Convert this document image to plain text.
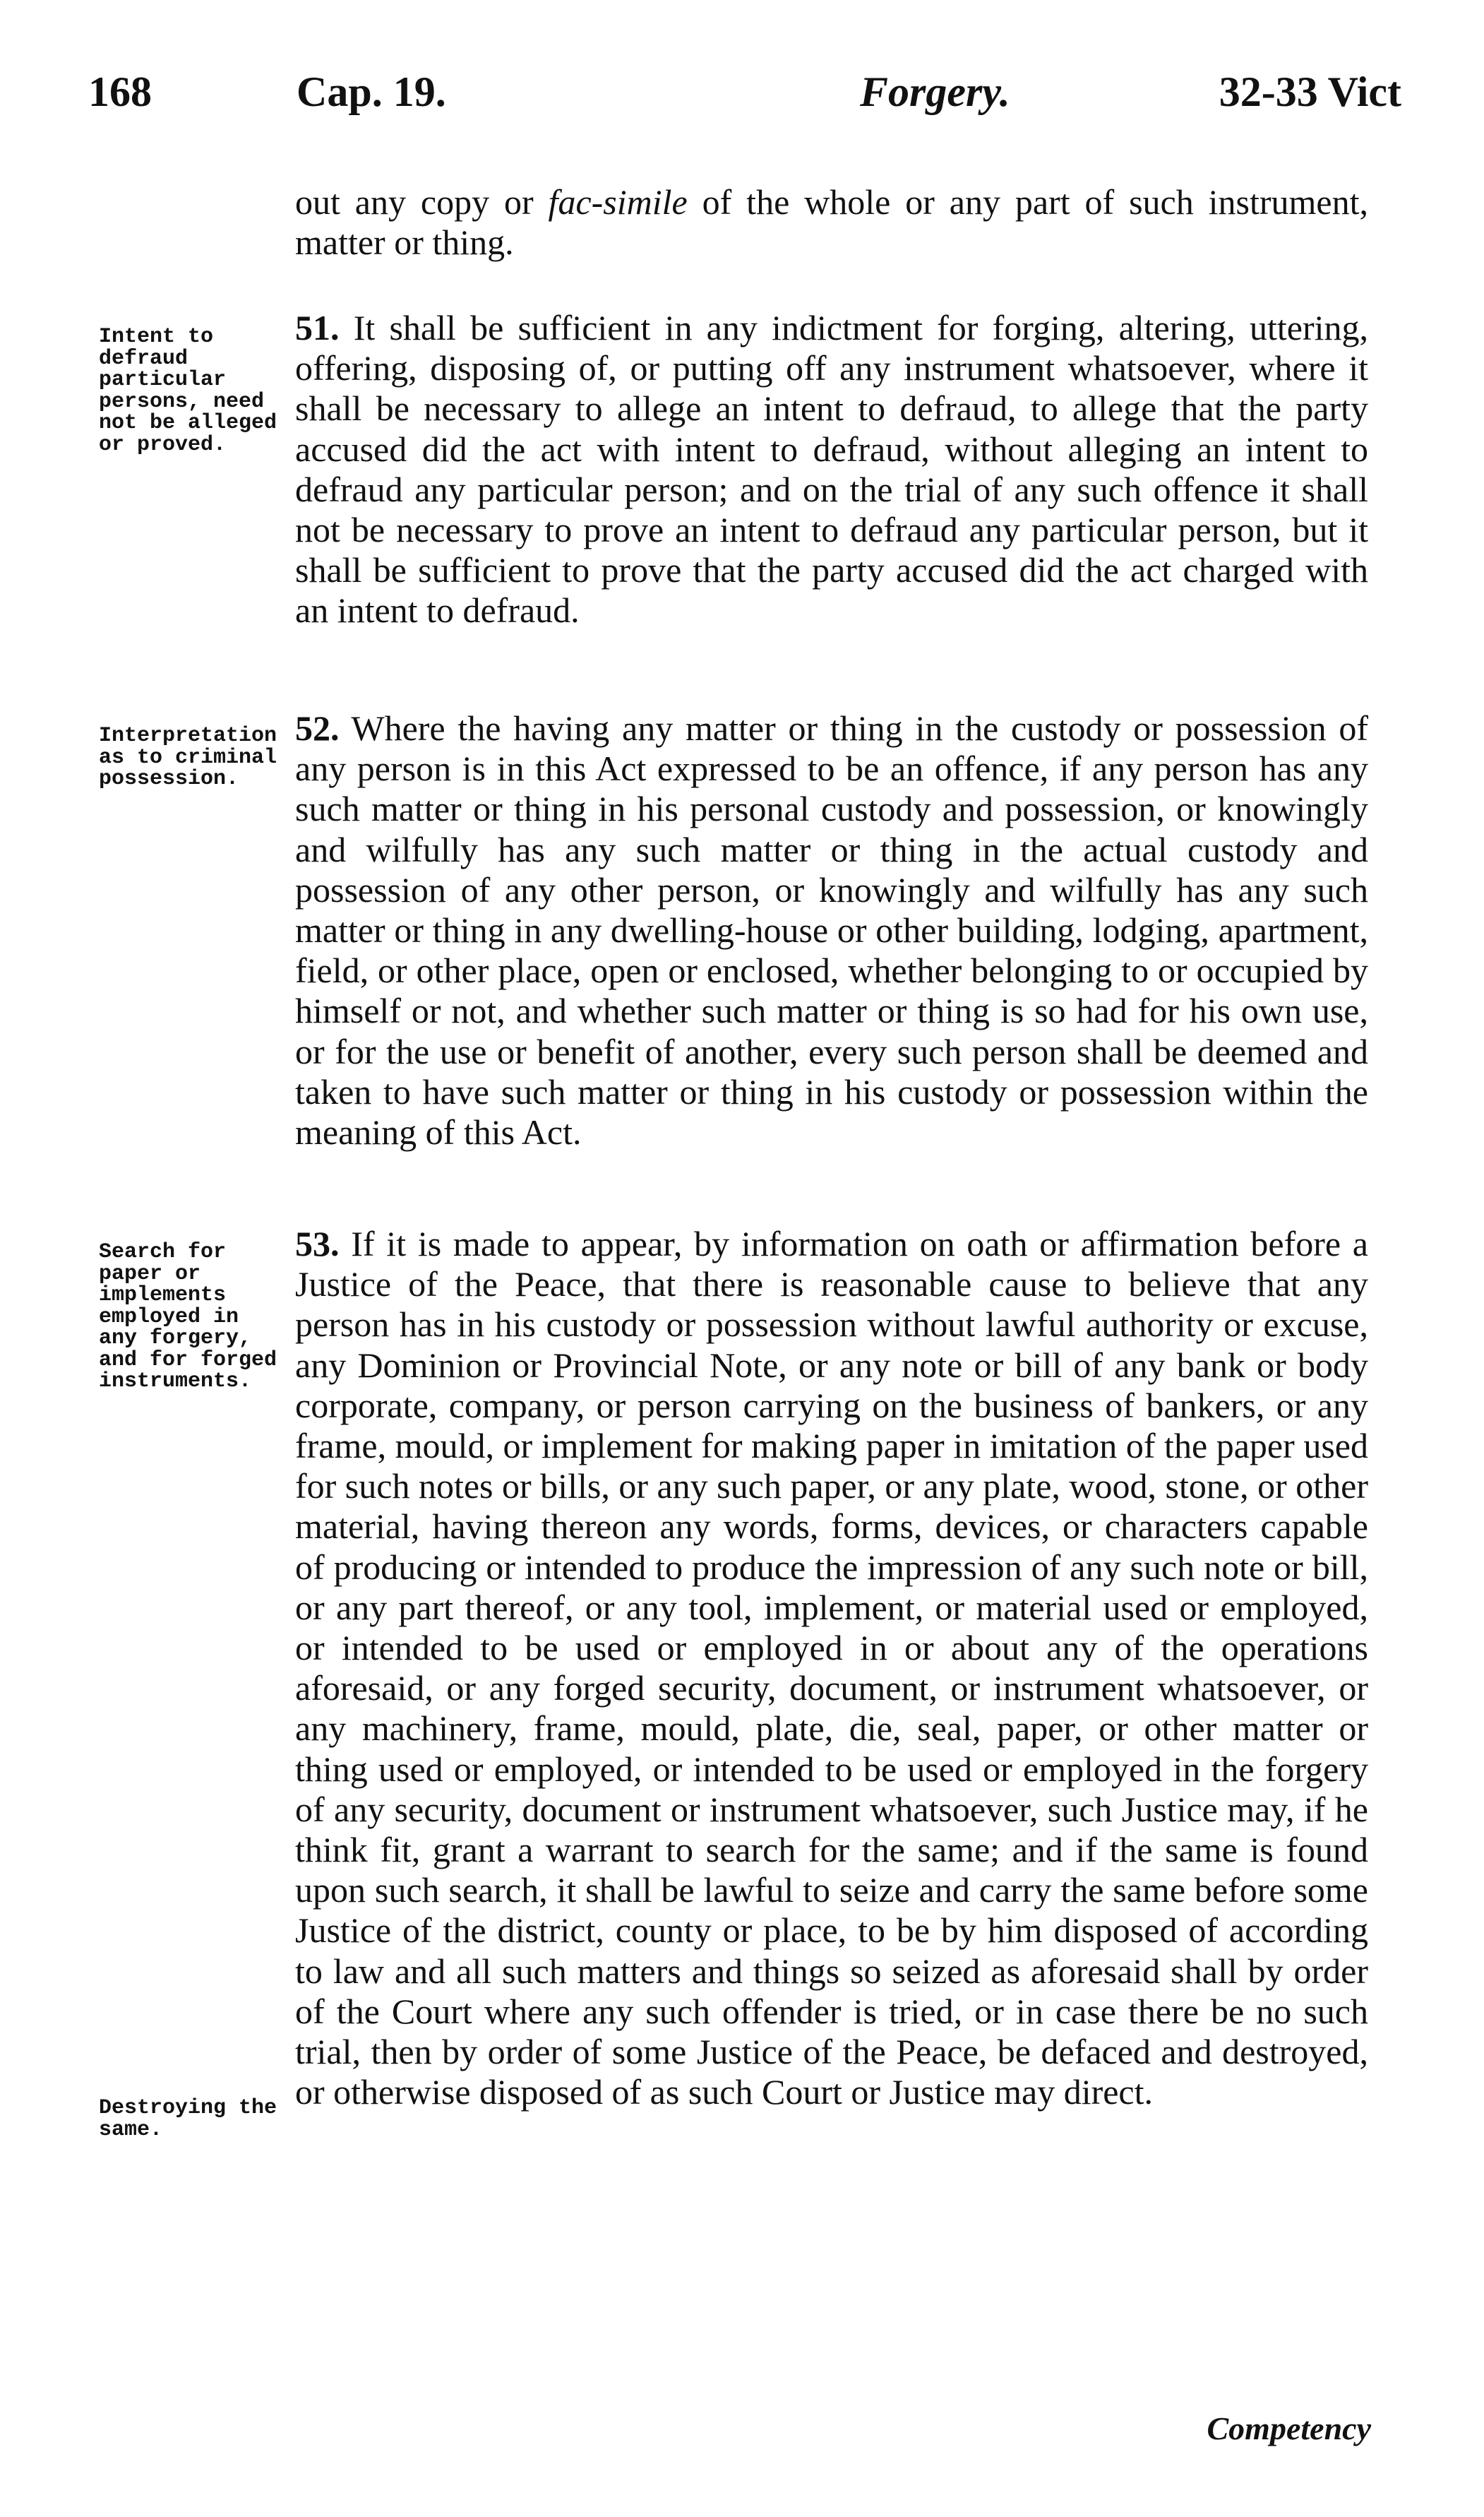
168	Cap. 19.	Forgery.	32-33 Vict

out any copy or fac-simile of the whole or any part of such instrument, matter or thing.

Intent to defraud particular persons, need not be alleged or proved.

51. It shall be sufficient in any indictment for forging, altering, uttering, offering, disposing of, or putting off any instrument whatsoever, where it shall be necessary to allege an intent to defraud, to allege that the party accused did the act with intent to defraud, without alleging an intent to defraud any particular person; and on the trial of any such offence it shall not be necessary to prove an intent to defraud any particular person, but it shall be sufficient to prove that the party accused did the act charged with an intent to defraud.

Interpretation as to criminal possession.

52. Where the having any matter or thing in the custody or possession of any person is in this Act expressed to be an offence, if any person has any such matter or thing in his personal custody and possession, or knowingly and wilfully has any such matter or thing in the actual custody and possession of any other person, or knowingly and wilfully has any such matter or thing in any dwelling-house or other building, lodging, apartment, field, or other place, open or enclosed, whether belonging to or occupied by himself or not, and whether such matter or thing is so had for his own use, or for the use or benefit of another, every such person shall be deemed and taken to have such matter or thing in his custody or possession within the meaning of this Act.

Search for paper or implements employed in any forgery, and for forged instruments.

Destroying the same.

53. If it is made to appear, by information on oath or affirmation before a Justice of the Peace, that there is reasonable cause to believe that any person has in his custody or possession without lawful authority or excuse, any Dominion or Provincial Note, or any note or bill of any bank or body corporate, company, or person carrying on the business of bankers, or any frame, mould, or implement for making paper in imitation of the paper used for such notes or bills, or any such paper, or any plate, wood, stone, or other material, having thereon any words, forms, devices, or characters capable of producing or intended to produce the impression of any such note or bill, or any part thereof, or any tool, implement, or material used or employed, or intended to be used or employed in or about any of the operations aforesaid, or any forged security, document, or instrument whatsoever, or any machinery, frame, mould, plate, die, seal, paper, or other matter or thing used or employed, or intended to be used or employed in the forgery of any security, document or instrument whatsoever, such Justice may, if he think fit, grant a warrant to search for the same; and if the same is found upon such search, it shall be lawful to seize and carry the same before some Justice of the district, county or place, to be by him disposed of according to law and all such matters and things so seized as aforesaid shall by order of the Court where any such offender is tried, or in case there be no such trial, then by order of some Justice of the Peace, be defaced and destroyed, or otherwise disposed of as such Court or Justice may direct.

Competency
